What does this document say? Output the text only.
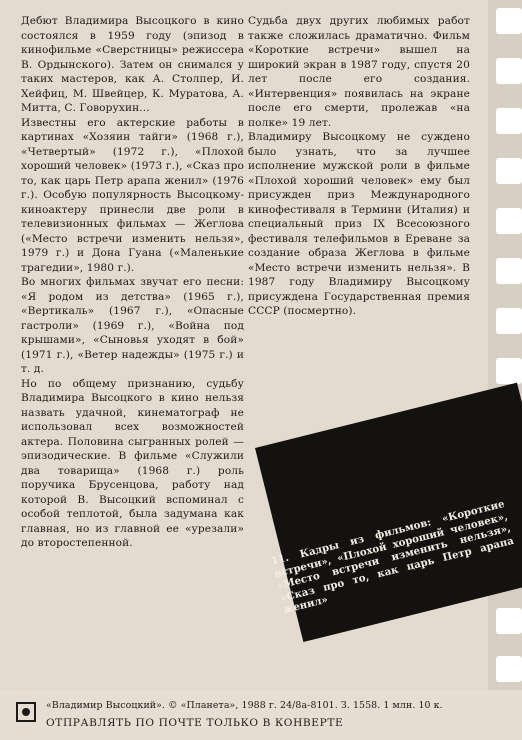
Дебют Владимира Высоцкого в кино состоялся в 1959 году (эпизод в кинофильме «Сверстницы» режиссера В. Ордынского). Затем он снимался у таких мастеров, как А. Столпер, И. Хейфиц, М. Швейцер, К. Муратова, А. Митта, С. Говорухин...

Известны его актерские работы в картинах «Хозяин тайги» (1968 г.), «Четвертый» (1972 г.), «Плохой хороший человек» (1973 г.), «Сказ про то, как царь Петр арапа женил» (1976 г.). Особую популярность Высоцкому-киноактеру принесли две роли в телевизионных фильмах — Жеглова («Место встречи изменить нельзя», 1979 г.) и Дона Гуана («Маленькие трагедии», 1980 г.).

Во многих фильмах звучат его песни: «Я родом из детства» (1965 г.), «Вертикаль» (1967 г.), «Опасные гастроли» (1969 г.), «Война под крышами», «Сыновья уходят в бой» (1971 г.), «Ветер надежды» (1975 г.) и т. д.

Но по общему признанию, судьбу Владимира Высоцкого в кино нельзя назвать удачной, кинематограф не использовал всех возможностей актера. Половина сыгранных ролей — эпизодические. В фильме «Служили два товарища» (1968 г.) роль поручика Брусенцова, работу над которой В. Высоцкий вспоминал с особой теплотой, была задумана как главная, но из главной ее «урезали» до второстепенной.

Судьба двух других любимых работ также сложилась драматично. Фильм «Короткие встречи» вышел на широкий экран в 1987 году, спустя 20 лет после его создания. «Интервенция» появилась на экране после его смерти, пролежав «на полке» 19 лет.

Владимиру Высоцкому не суждено было узнать, что за лучшее исполнение мужской роли в фильме «Плохой хороший человек» ему был присужден приз Международного кинофестиваля в Термини (Италия) и специальный приз IX Всесоюзного фестиваля телефильмов в Ереване за создание образа Жеглова в фильме «Место встречи изменить нельзя». В 1987 году Владимиру Высоцкому присуждена Государственная премия СССР (посмертно).

11. Кадры из фильмов: «Короткие встречи», «Плохой хороший человек», «Место встречи изменить нельзя», «Сказ про то, как царь Петр арапа женил»
«Владимир Высоцкий». © «Планета», 1988 г. 24/8а-8101. З. 1558. 1 млн. 10 к.
ОТПРАВЛЯТЬ ПО ПОЧТЕ ТОЛЬКО В КОНВЕРТЕ
